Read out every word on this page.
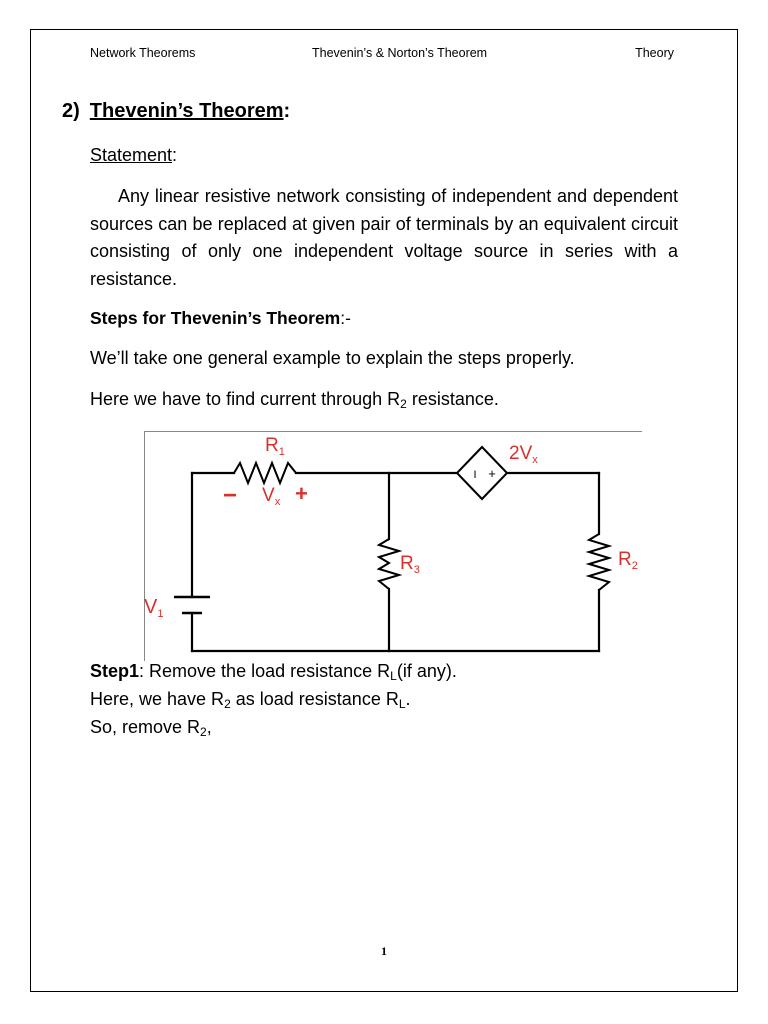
Network Theorems	Thevenin’s & Norton’s Theorem	Theory
2) Thevenin’s Theorem:
Statement:
Any linear resistive network consisting of independent and dependent sources can be replaced at given pair of terminals by an equivalent circuit consisting of only one independent voltage source in series with a resistance.
Steps for Thevenin’s Theorem:-
We’ll take one general example to explain the steps properly.
Here we have to find current through $R_2$ resistance.
I +
$R_1$
− $V_x$ +
$2V_x$
$R_3$	$R_2$
$V_1$
Step1: Remove the load resistance $R_L(if$ any).
Here, we have $R_2$ as load resistance $R_L$.
So, remove $R_2$,
1
